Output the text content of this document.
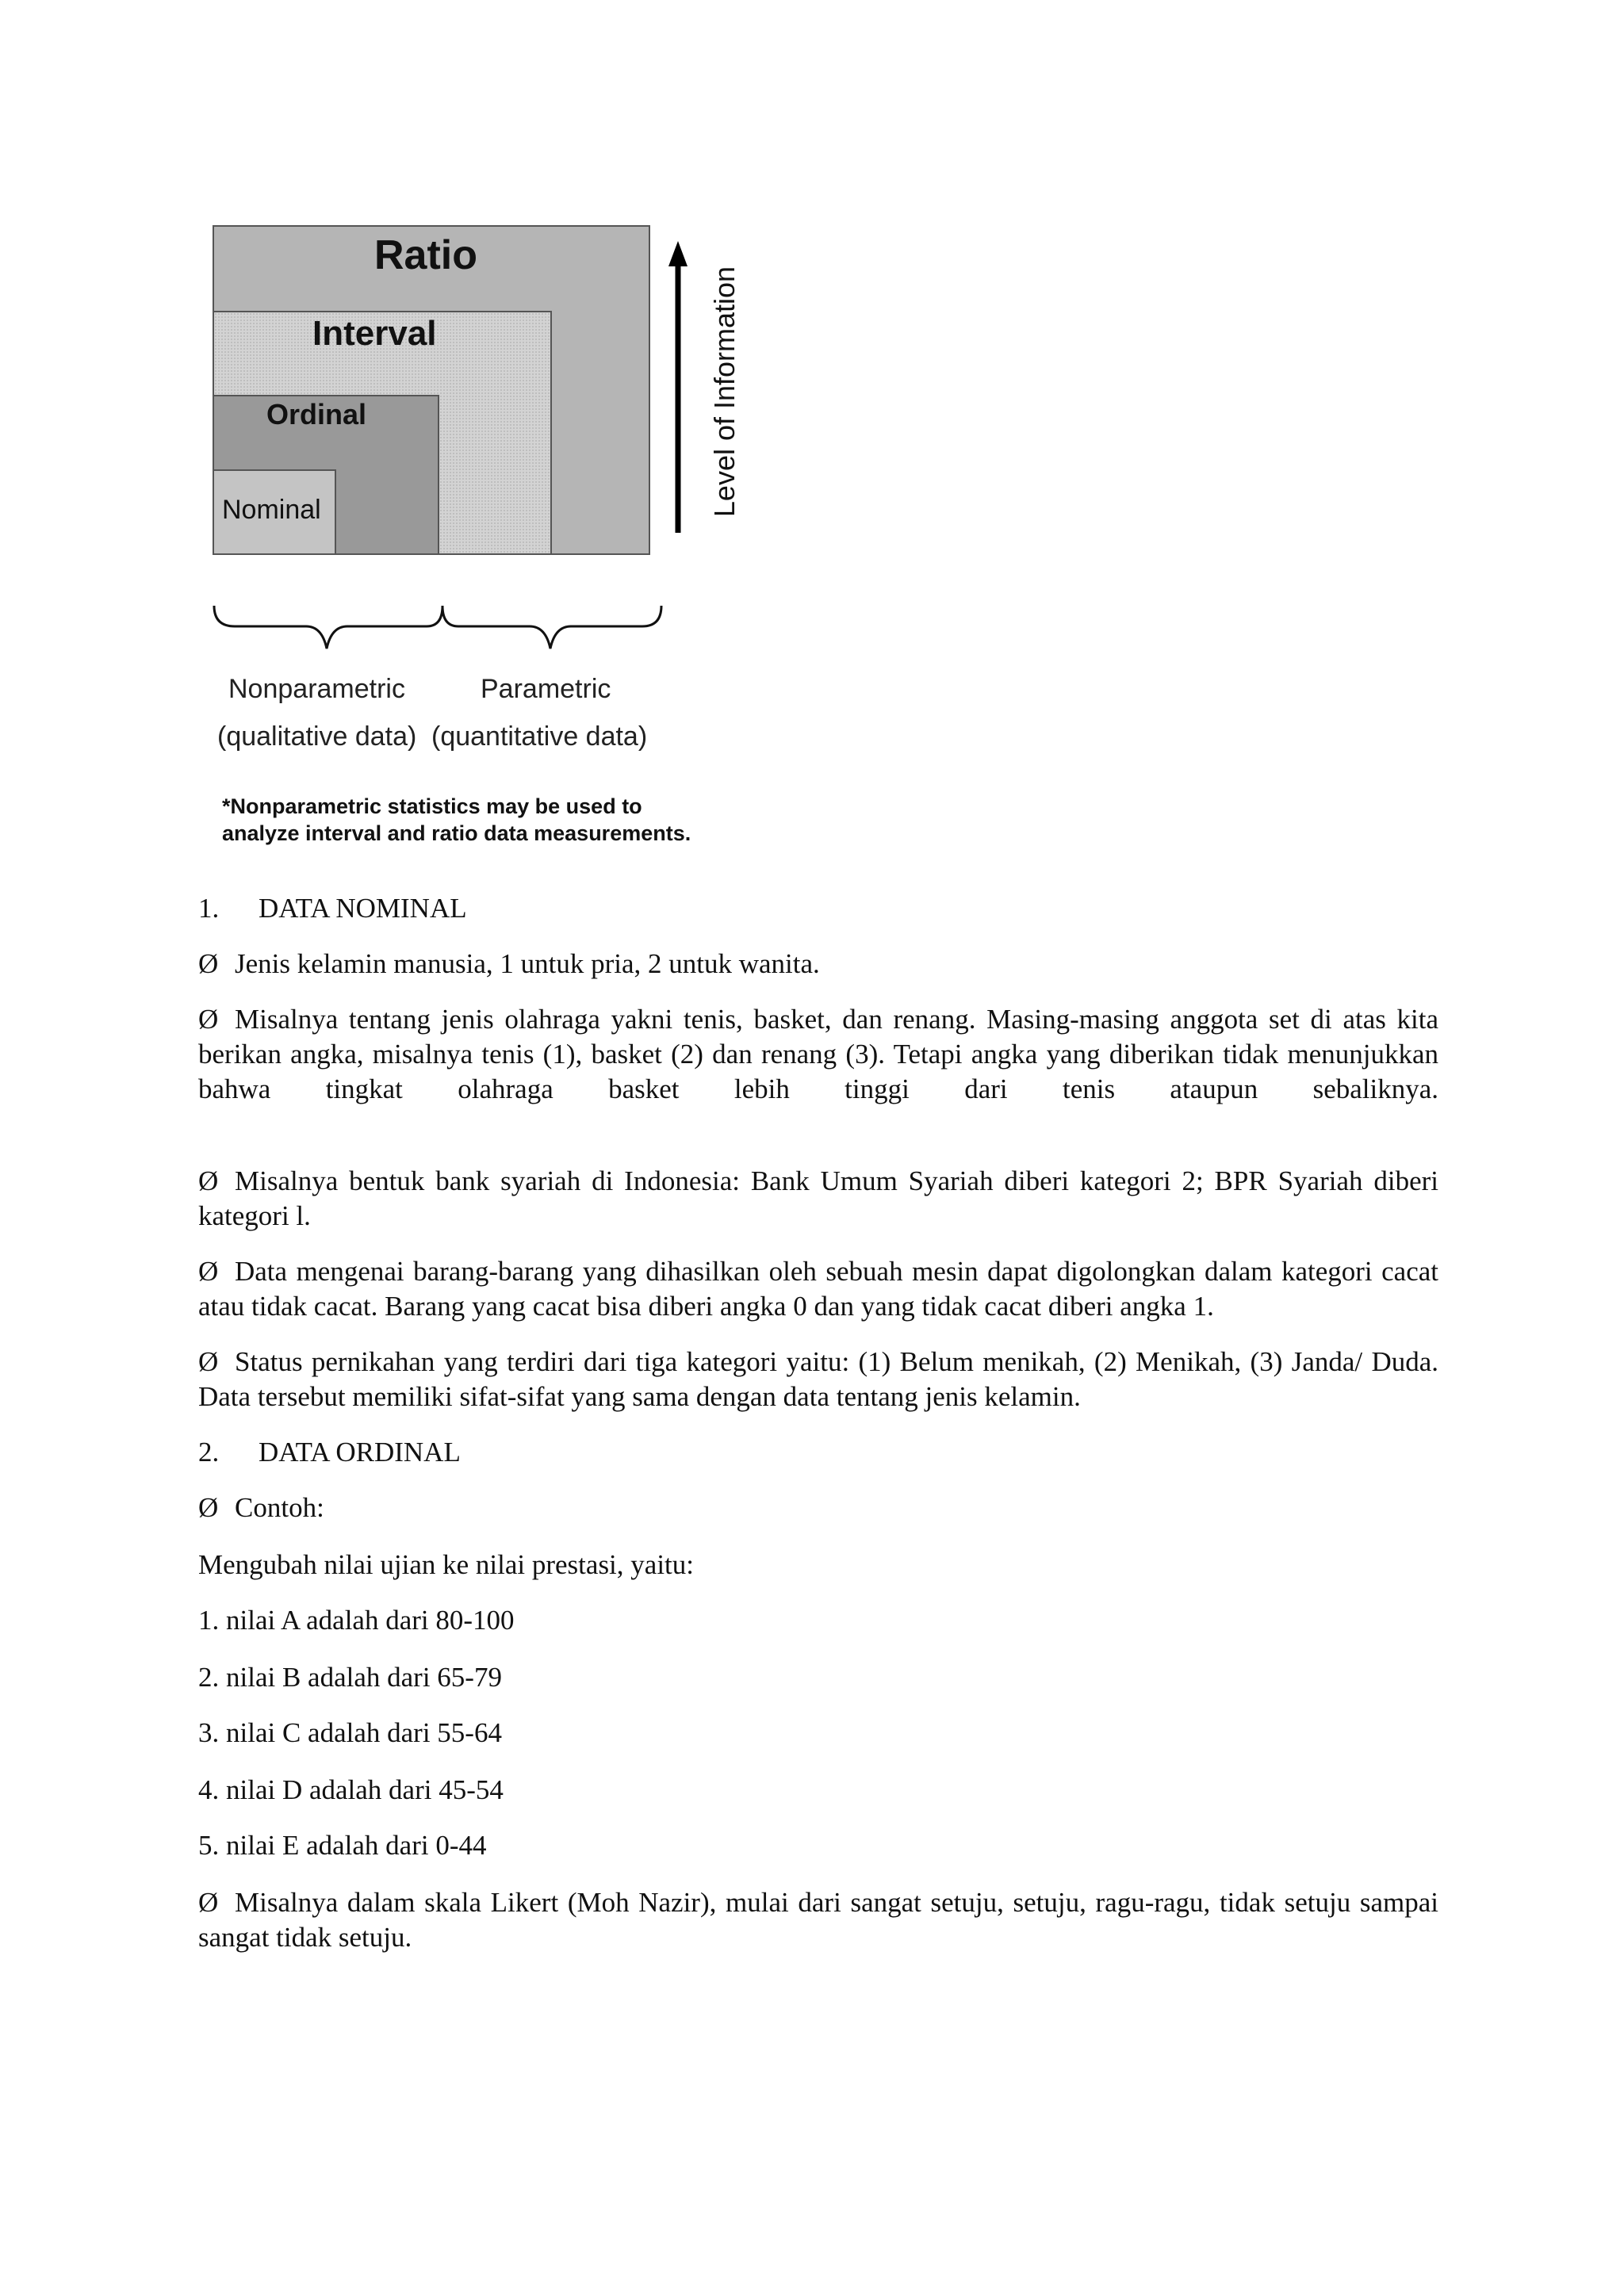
Ratio
Interval
Ordinal
Nominal	Level of Information
Nonparametric	Parametric
(qualitative data) (quantitative data)
*Nonparametric statistics may be used to
analyze interval and ratio data measurements.
1. DATA NOMINAL
Ø Jenis kelamin manusia, 1 untuk pria, 2 untuk wanita.
Ø Misalnya tentang jenis olahraga yakni tenis, basket, dan renang. Masing-masing anggota set di atas kita berikan angka, misalnya tenis (1), basket (2) dan renang (3). Tetapi angka yang diberikan tidak menunjukkan bahwa tingkat olahraga basket lebih tinggi dari tenis ataupun sebaliknya.
Ø Misalnya bentuk bank syariah di Indonesia: Bank Umum Syariah diberi kategori 2; BPR Syariah diberi kategori l.
Ø Data mengenai barang-barang yang dihasilkan oleh sebuah mesin dapat digolongkan dalam kategori cacat atau tidak cacat. Barang yang cacat bisa diberi angka 0 dan yang tidak cacat diberi angka 1.
Ø Status pernikahan yang terdiri dari tiga kategori yaitu: (1) Belum menikah, (2) Menikah, (3) Janda/ Duda. Data tersebut memiliki sifat-sifat yang sama dengan data tentang jenis kelamin.
2. DATA ORDINAL
Ø Contoh:
Mengubah nilai ujian ke nilai prestasi, yaitu:
1. nilai A adalah dari 80-100
2. nilai B adalah dari 65-79
3. nilai C adalah dari 55-64
4. nilai D adalah dari 45-54
5. nilai E adalah dari 0-44
Ø Misalnya dalam skala Likert (Moh Nazir), mulai dari sangat setuju, setuju, ragu-ragu, tidak setuju sampai sangat tidak setuju.
